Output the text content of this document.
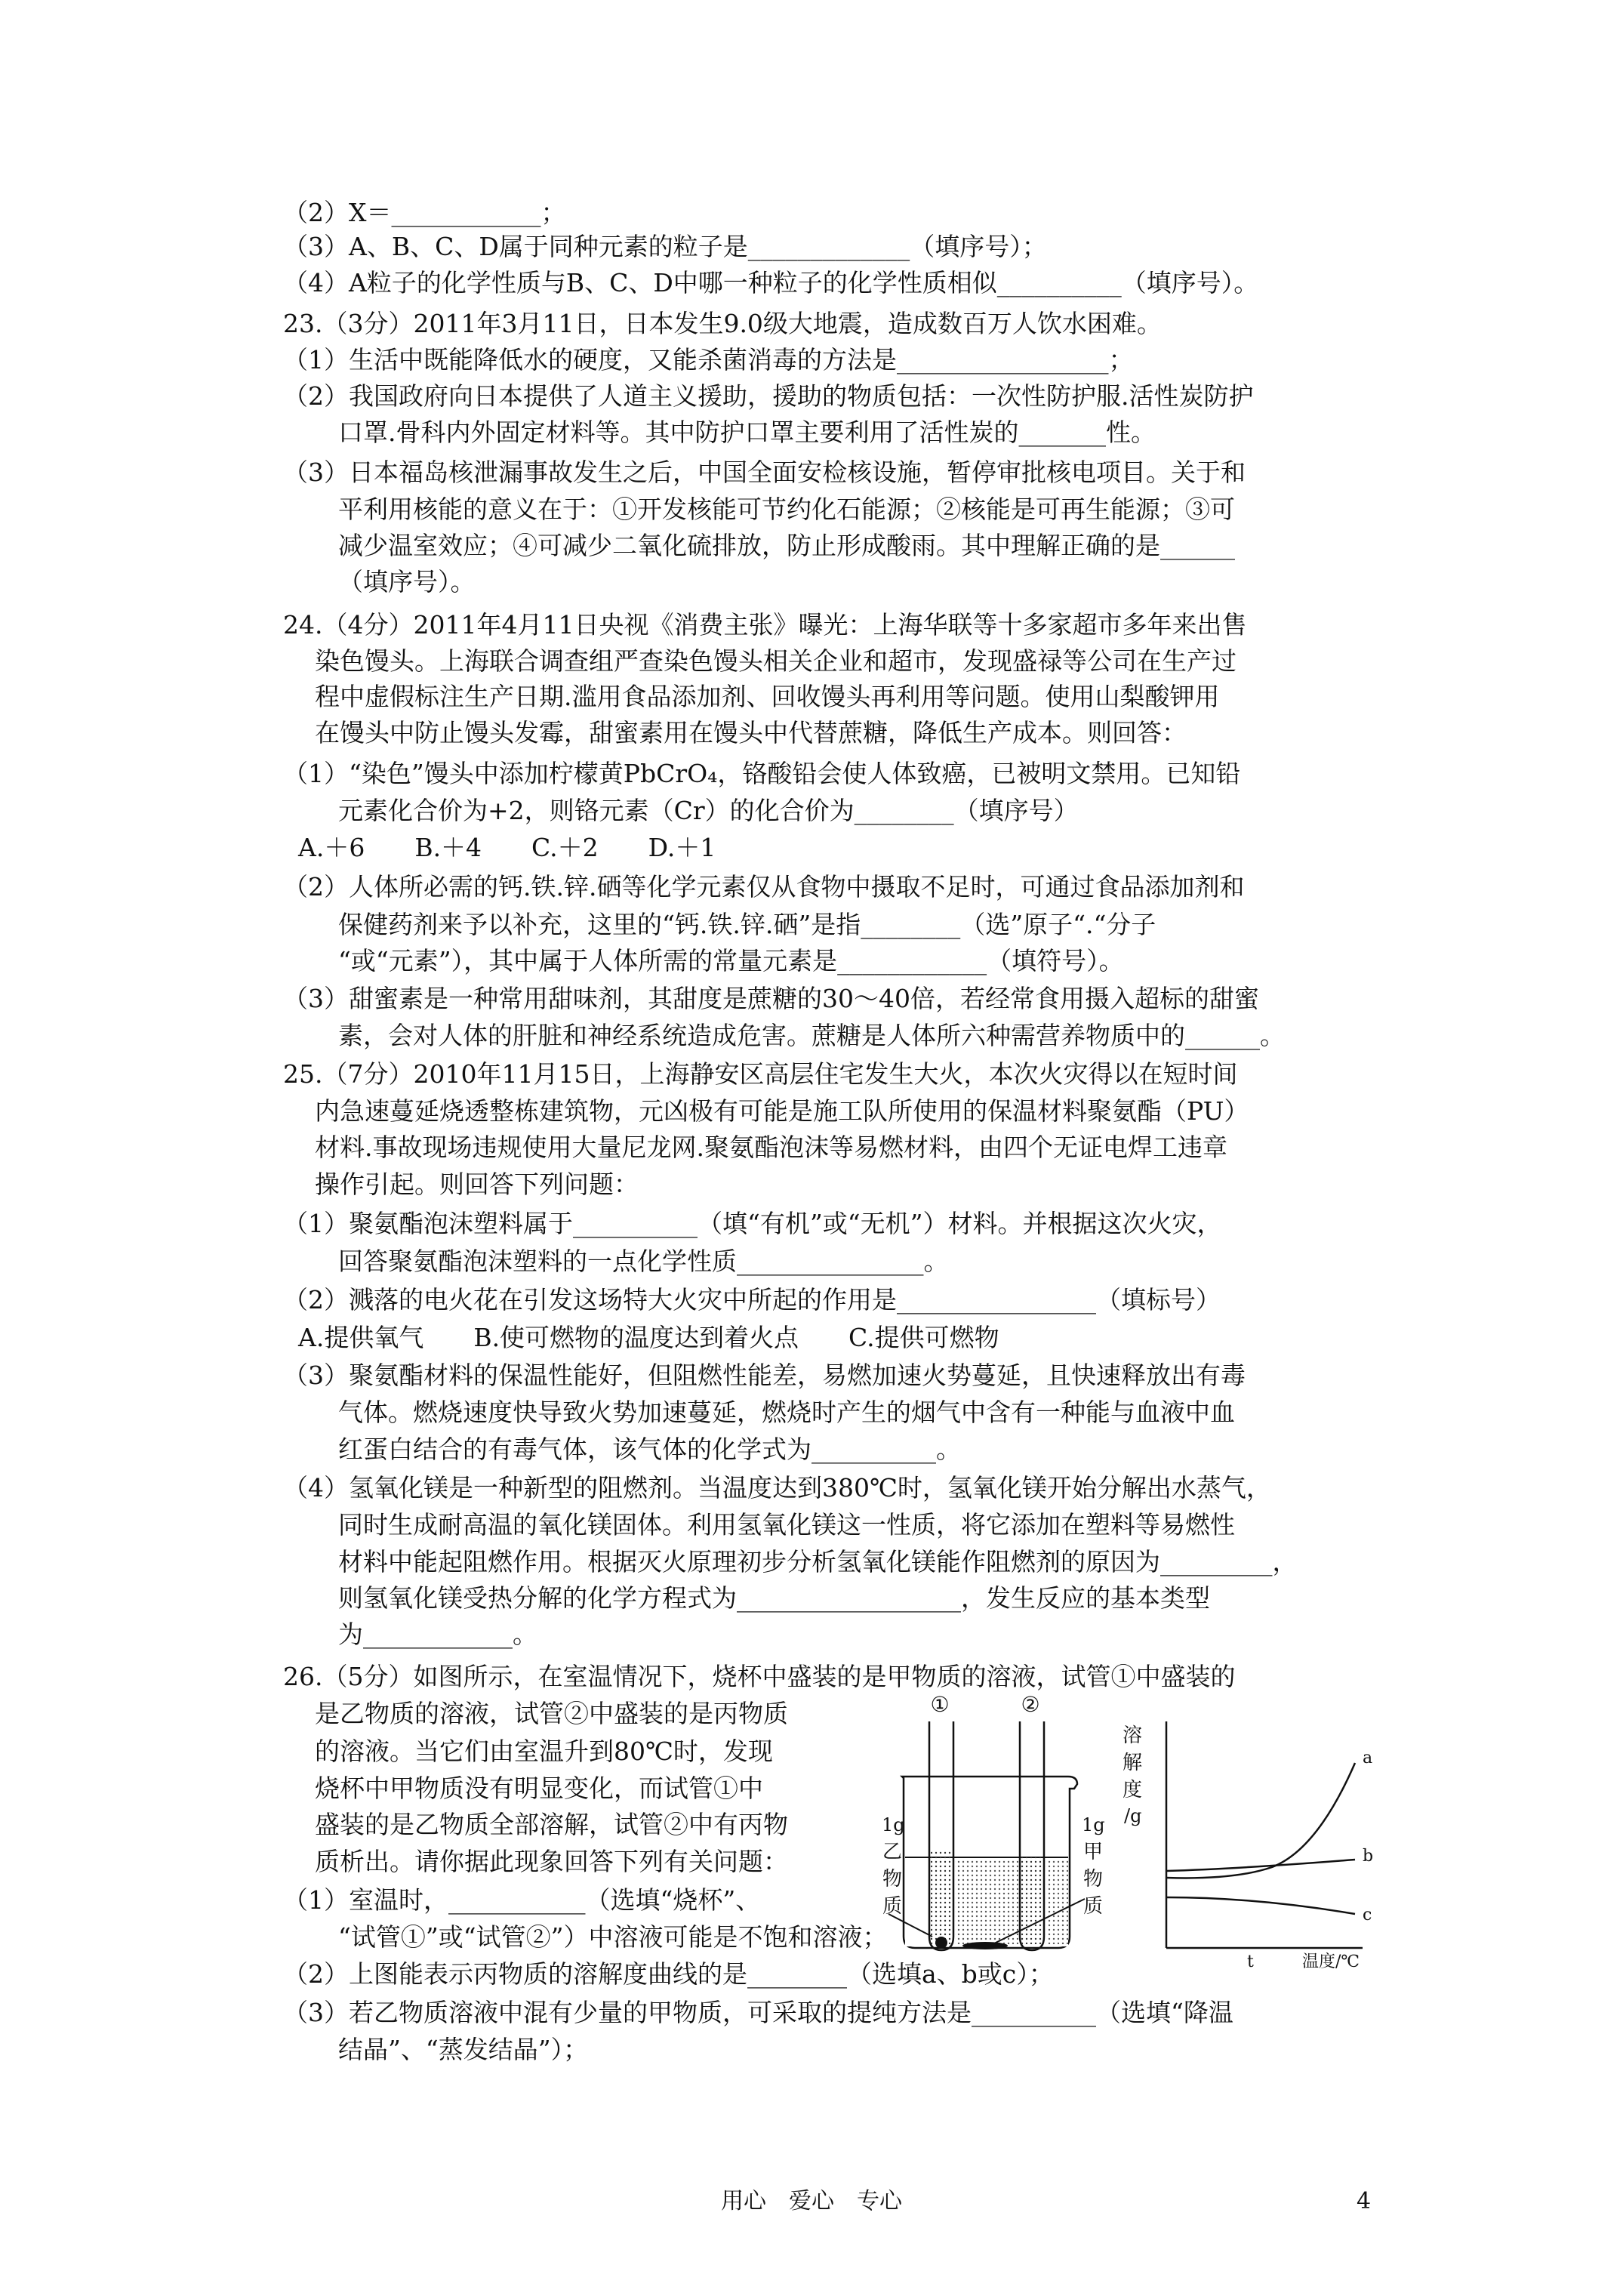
（2）X＝____________；
（3）A、B、C、D属于同种元素的粒子是_____________（填序号）；
（4）A粒子的化学性质与B、C、D中哪一种粒子的化学性质相似__________（填序号）。
23.（3分）2011年3月11日，日本发生9.0级大地震，造成数百万人饮水困难。
（1）生活中既能降低水的硬度，又能杀菌消毒的方法是_________________；
（2）我国政府向日本提供了人道主义援助，援助的物质包括：一次性防护服.活性炭防护
口罩.骨科内外固定材料等。其中防护口罩主要利用了活性炭的_______性。
（3）日本福岛核泄漏事故发生之后，中国全面安检核设施，暂停审批核电项目。关于和
平利用核能的意义在于：①开发核能可节约化石能源；②核能是可再生能源；③可
减少温室效应；④可减少二氧化硫排放，防止形成酸雨。其中理解正确的是______
（填序号）。
24.（4分）2011年4月11日央视《消费主张》曝光：上海华联等十多家超市多年来出售
染色馒头。上海联合调查组严查染色馒头相关企业和超市，发现盛禄等公司在生产过
程中虚假标注生产日期.滥用食品添加剂、回收馒头再利用等问题。使用山梨酸钾用
在馒头中防止馒头发霉，甜蜜素用在馒头中代替蔗糖，降低生产成本。则回答：
（1）“染色”馒头中添加柠檬黄PbCrO₄，铬酸铅会使人体致癌，已被明文禁用。已知铅
元素化合价为+2，则铬元素（Cr）的化合价为________（填序号）
A.＋6　　B.＋4　　C.＋2　　D.＋1
（2）人体所必需的钙.铁.锌.硒等化学元素仅从食物中摄取不足时，可通过食品添加剂和
保健药剂来予以补充，这里的“钙.铁.锌.硒”是指________（选”原子“.“分子
“或“元素”），其中属于人体所需的常量元素是____________（填符号）。
（3）甜蜜素是一种常用甜味剂，其甜度是蔗糖的30～40倍，若经常食用摄入超标的甜蜜
素，会对人体的肝脏和神经系统造成危害。蔗糖是人体所六种需营养物质中的______。
25.（7分）2010年11月15日，上海静安区高层住宅发生大火，本次火灾得以在短时间
内急速蔓延烧透整栋建筑物，元凶极有可能是施工队所使用的保温材料聚氨酯（PU）
材料.事故现场违规使用大量尼龙网.聚氨酯泡沫等易燃材料，由四个无证电焊工违章
操作引起。则回答下列问题：
（1）聚氨酯泡沫塑料属于__________（填“有机”或“无机”）材料。并根据这次火灾，
回答聚氨酯泡沫塑料的一点化学性质_______________。
（2）溅落的电火花在引发这场特大火灾中所起的作用是________________（填标号）
A.提供氧气　　B.使可燃物的温度达到着火点　　C.提供可燃物
（3）聚氨酯材料的保温性能好，但阻燃性能差，易燃加速火势蔓延，且快速释放出有毒
气体。燃烧速度快导致火势加速蔓延，燃烧时产生的烟气中含有一种能与血液中血
红蛋白结合的有毒气体，该气体的化学式为__________。
（4）氢氧化镁是一种新型的阻燃剂。当温度达到380℃时，氢氧化镁开始分解出水蒸气，
同时生成耐高温的氧化镁固体。利用氢氧化镁这一性质，将它添加在塑料等易燃性
材料中能起阻燃作用。根据灭火原理初步分析氢氧化镁能作阻燃剂的原因为_________，
则氢氧化镁受热分解的化学方程式为__________________，发生反应的基本类型
为____________。
26.（5分）如图所示，在室温情况下，烧杯中盛装的是甲物质的溶液，试管①中盛装的
是乙物质的溶液，试管②中盛装的是丙物质
的溶液。当它们由室温升到80℃时，发现
烧杯中甲物质没有明显变化，而试管①中
盛装的是乙物质全部溶解，试管②中有丙物
质析出。请你据此现象回答下列有关问题：
（1）室温时，___________（选填“烧杯”、
“试管①”或“试管②”）中溶液可能是不饱和溶液；
（2）上图能表示丙物质的溶解度曲线的是________（选填a、b或c）；
（3）若乙物质溶液中混有少量的甲物质，可采取的提纯方法是__________（选填“降温
结晶”、“蒸发结晶”）；
①	②
1g
乙
物
质
1g
甲
物
质
溶
解
度
/g
a
b
c
t	温度/℃
用心　爱心　专心	4
